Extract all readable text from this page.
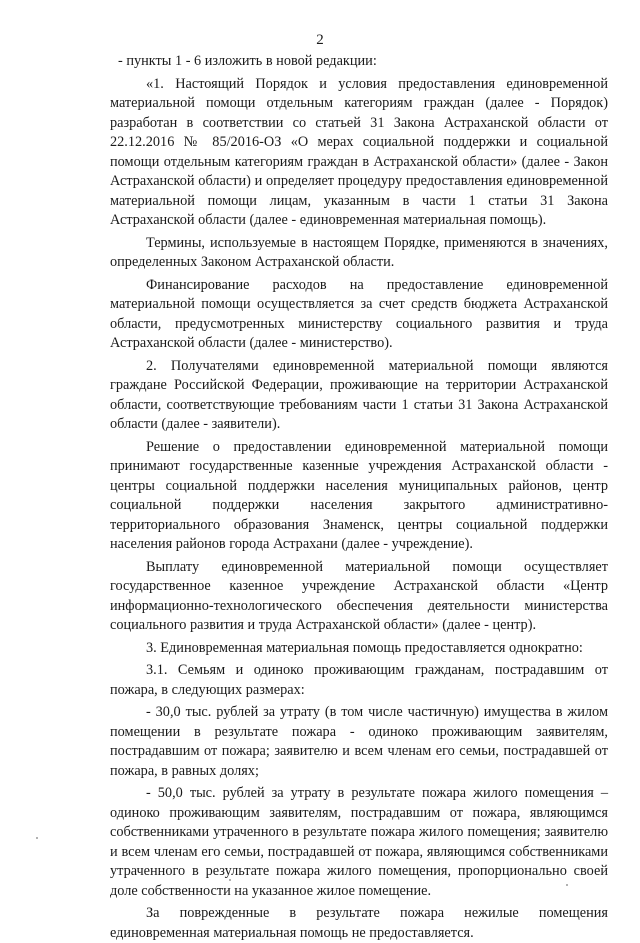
2

- пункты 1 - 6 изложить в новой редакции:

«1. Настоящий Порядок и условия предоставления единовременной материальной помощи отдельным категориям граждан (далее - Порядок) разработан в соответствии со статьей 31 Закона Астраханской области от 22.12.2016 № 85/2016-ОЗ «О мерах социальной поддержки и социальной помощи отдельным категориям граждан в Астраханской области» (далее - Закон Астраханской области) и определяет процедуру предоставления единовременной материальной помощи лицам, указанным в части 1 статьи 31 Закона Астраханской области (далее - единовременная материальная помощь).

Термины, используемые в настоящем Порядке, применяются в значениях, определенных Законом Астраханской области.

Финансирование расходов на предоставление единовременной материальной помощи осуществляется за счет средств бюджета Астраханской области, предусмотренных министерству социального развития и труда Астраханской области (далее - министерство).

2. Получателями единовременной материальной помощи являются граждане Российской Федерации, проживающие на территории Астраханской области, соответствующие требованиям части 1 статьи 31 Закона Астраханской области (далее - заявители).

Решение о предоставлении единовременной материальной помощи принимают государственные казенные учреждения Астраханской области - центры социальной поддержки населения муниципальных районов, центр социальной поддержки населения закрытого административно-территориального образования Знаменск, центры социальной поддержки населения районов города Астрахани (далее - учреждение).

Выплату единовременной материальной помощи осуществляет государственное казенное учреждение Астраханской области «Центр информационно-технологического обеспечения деятельности министерства социального развития и труда Астраханской области» (далее - центр).

3. Единовременная материальная помощь предоставляется однократно:

3.1. Семьям и одиноко проживающим гражданам, пострадавшим от пожара, в следующих размерах:

- 30,0 тыс. рублей за утрату (в том числе частичную) имущества в жилом помещении в результате пожара - одиноко проживающим заявителям, пострадавшим от пожара; заявителю и всем членам его семьи, пострадавшей от пожара, в равных долях;

- 50,0 тыс. рублей за утрату в результате пожара жилого помещения – одиноко проживающим заявителям, пострадавшим от пожара, являющимся собственниками утраченного в результате пожара жилого помещения; заявителю и всем членам его семьи, пострадавшей от пожара, являющимся собственниками утраченного в результате пожара жилого помещения, пропорционально своей доле собственности на указанное жилое помещение.

За поврежденные в результате пожара нежилые помещения единовременная материальная помощь не предоставляется.
